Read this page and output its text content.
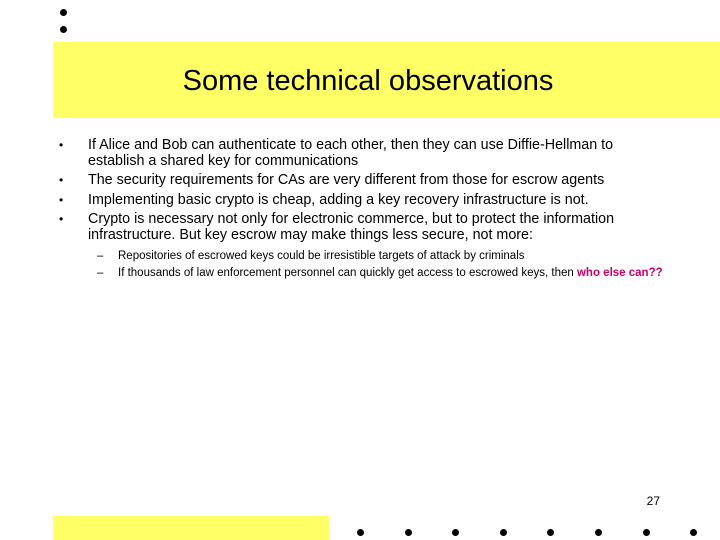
Some technical observations
• If Alice and Bob can authenticate to each other, then they can use Diffie-Hellman to establish a shared key for communications
• The security requirements for CAs are very different from those for escrow agents
• Implementing basic crypto is cheap, adding a key recovery infrastructure is not.
• Crypto is necessary not only for electronic commerce, but to protect the information infrastructure. But key escrow may make things less secure, not more:
– Repositories of escrowed keys could be irresistible targets of attack by criminals
– If thousands of law enforcement personnel can quickly get access to escrowed keys, then who else can??
27
